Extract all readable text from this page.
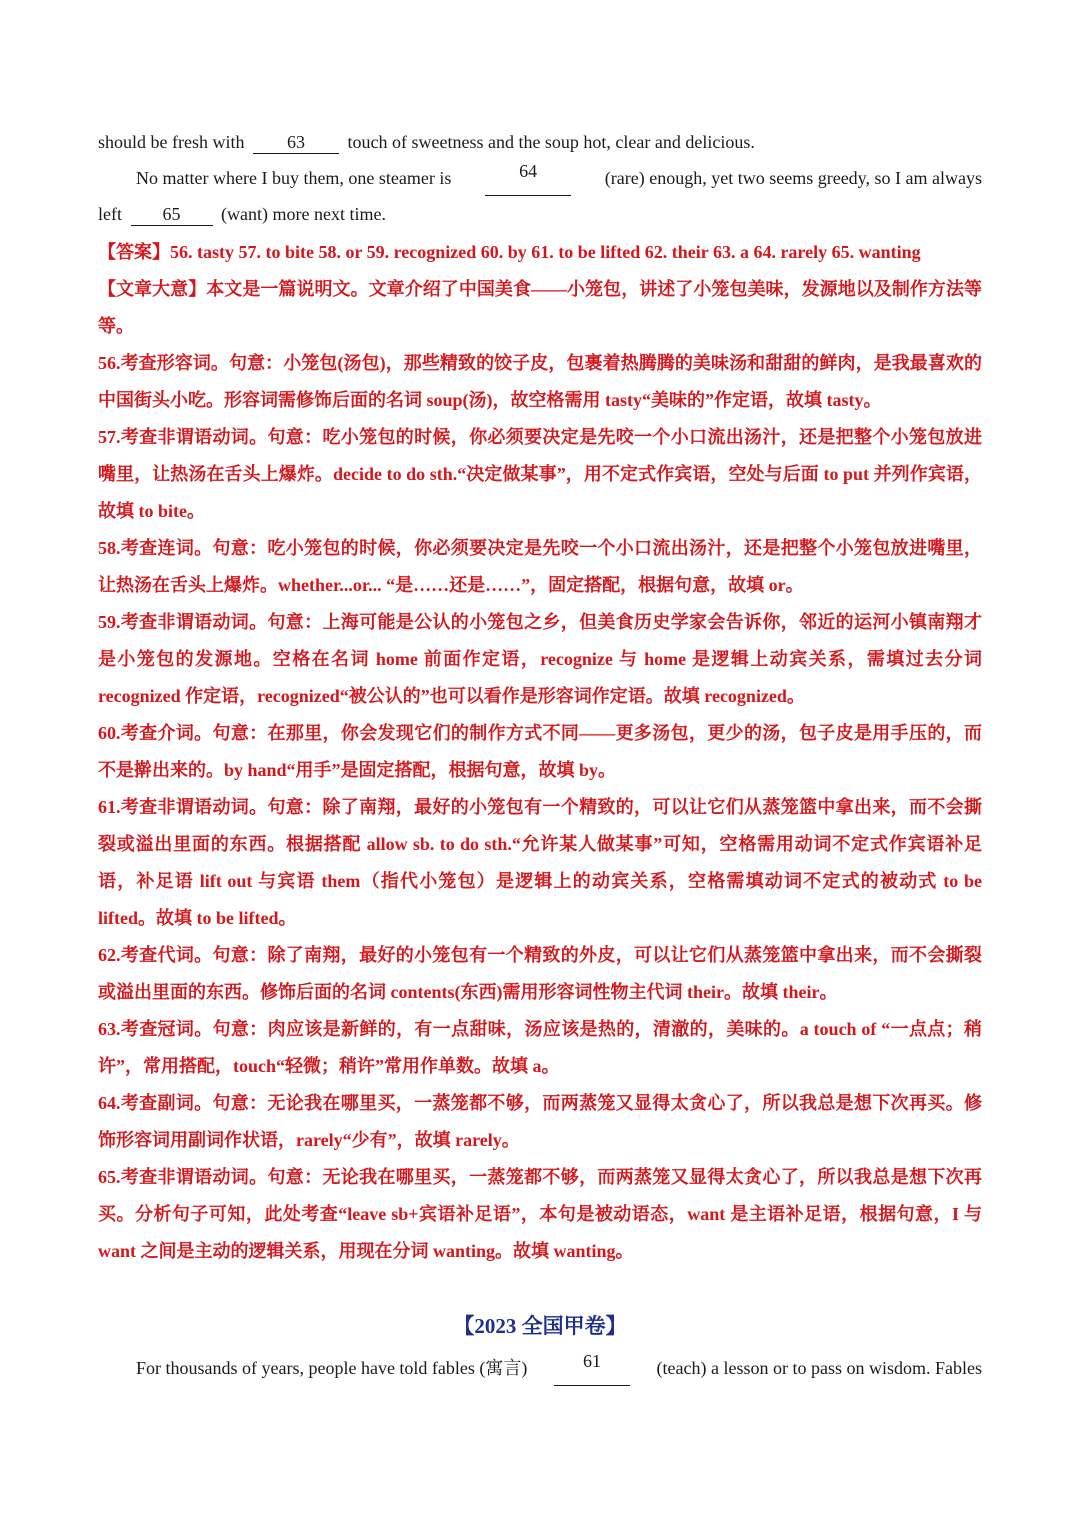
should be fresh with 63 touch of sweetness and the soup hot, clear and delicious.
No matter where I buy them, one steamer is	64	(rare) enough, yet two seems greedy, so I am always
left 65 (want) more next time.
【答案】56. tasty 57. to bite 58. or 59. recognized 60. by 61. to be lifted 62. their 63. a 64. rarely 65. wanting

【文章大意】本文是一篇说明文。文章介绍了中国美食——小笼包，讲述了小笼包美味，发源地以及制作方法等等。

56.考查形容词。句意：小笼包(汤包)，那些精致的饺子皮，包裹着热腾腾的美味汤和甜甜的鲜肉，是我最喜欢的中国街头小吃。形容词需修饰后面的名词 soup(汤)，故空格需用 tasty“美味的”作定语，故填 tasty。

57.考查非谓语动词。句意：吃小笼包的时候，你必须要决定是先咬一个小口流出汤汁，还是把整个小笼包放进嘴里，让热汤在舌头上爆炸。decide to do sth.“决定做某事”，用不定式作宾语，空处与后面 to put 并列作宾语，故填 to bite。

58.考查连词。句意：吃小笼包的时候，你必须要决定是先咬一个小口流出汤汁，还是把整个小笼包放进嘴里，让热汤在舌头上爆炸。whether...or... “是……还是……”，固定搭配，根据句意，故填 or。

59.考查非谓语动词。句意：上海可能是公认的小笼包之乡，但美食历史学家会告诉你，邻近的运河小镇南翔才是小笼包的发源地。空格在名词 home 前面作定语，recognize 与 home 是逻辑上动宾关系，需填过去分词 recognized 作定语，recognized“被公认的”也可以看作是形容词作定语。故填 recognized。

60.考查介词。句意：在那里，你会发现它们的制作方式不同——更多汤包，更少的汤，包子皮是用手压的，而不是擀出来的。by hand“用手”是固定搭配，根据句意，故填 by。

61.考查非谓语动词。句意：除了南翔，最好的小笼包有一个精致的，可以让它们从蒸笼篮中拿出来，而不会撕裂或溢出里面的东西。根据搭配 allow sb. to do sth.“允许某人做某事”可知，空格需用动词不定式作宾语补足语，补足语 lift out 与宾语 them（指代小笼包）是逻辑上的动宾关系，空格需填动词不定式的被动式 to be lifted。故填 to be lifted。

62.考查代词。句意：除了南翔，最好的小笼包有一个精致的外皮，可以让它们从蒸笼篮中拿出来，而不会撕裂或溢出里面的东西。修饰后面的名词 contents(东西)需用形容词性物主代词 their。故填 their。

63.考查冠词。句意：肉应该是新鲜的，有一点甜味，汤应该是热的，清澈的，美味的。a touch of “一点点；稍许”，常用搭配，touch“轻微；稍许”常用作单数。故填 a。

64.考查副词。句意：无论我在哪里买，一蒸笼都不够，而两蒸笼又显得太贪心了，所以我总是想下次再买。修饰形容词用副词作状语，rarely“少有”，故填 rarely。

65.考查非谓语动词。句意：无论我在哪里买，一蒸笼都不够，而两蒸笼又显得太贪心了，所以我总是想下次再买。分析句子可知，此处考查“leave sb+宾语补足语”，本句是被动语态，want 是主语补足语，根据句意，I 与 want 之间是主动的逻辑关系，用现在分词 wanting。故填 wanting。

【2023 全国甲卷】
For thousands of years, people have told fables (寓言)	61	(teach) a lesson or to pass on wisdom. Fables
